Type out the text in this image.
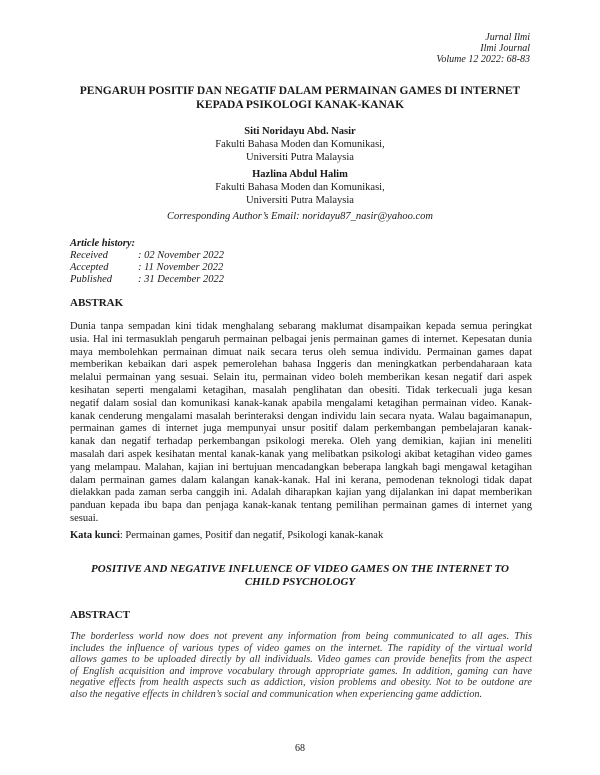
Jurnal Ilmi
Ilmi Journal
Volume 12 2022: 68-83
PENGARUH POSITIF DAN NEGATIF DALAM PERMAINAN GAMES DI INTERNET
KEPADA PSIKOLOGI KANAK-KANAK
Siti Noridayu Abd. Nasir
Fakulti Bahasa Moden dan Komunikasi,
Universiti Putra Malaysia
Hazlina Abdul Halim
Fakulti Bahasa Moden dan Komunikasi,
Universiti Putra Malaysia
Corresponding Author’s Email: noridayu87_nasir@yahoo.com
Article history:
Received	: 02 November 2022
Accepted	: 11 November 2022
Published	: 31 December 2022
ABSTRAK
Dunia tanpa sempadan kini tidak menghalang sebarang maklumat disampaikan kepada semua peringkat
usia. Hal ini termasuklah pengaruh permainan pelbagai jenis permainan games di internet. Kepesatan dunia
maya membolehkan permainan dimuat naik secara terus oleh semua individu. Permainan games dapat
memberikan kebaikan dari aspek pemerolehan bahasa Inggeris dan meningkatkan perbendaharaan kata
melalui permainan yang sesuai. Selain itu, permainan video boleh memberikan kesan negatif dari aspek
kesihatan seperti mengalami ketagihan, masalah penglihatan dan obesiti. Tidak terkecuali juga kesan
negatif dalam sosial dan komunikasi kanak-kanak apabila mengalami ketagihan permainan video. Kanak-
kanak cenderung mengalami masalah berinteraksi dengan individu lain secara nyata. Walau bagaimanapun,
permainan games di internet juga mempunyai unsur positif dalam perkembangan pembelajaran kanak-
kanak dan negatif terhadap perkembangan psikologi mereka. Oleh yang demikian, kajian ini meneliti
masalah dari aspek kesihatan mental kanak-kanak yang melibatkan psikologi akibat ketagihan video games
yang melampau. Malahan, kajian ini bertujuan mencadangkan beberapa langkah bagi mengawal ketagihan
dalam permainan games dalam kalangan kanak-kanak. Hal ini kerana, pemodenan teknologi tidak dapat
dielakkan pada zaman serba canggih ini. Adalah diharapkan kajian yang dijalankan ini dapat memberikan
panduan kepada ibu bapa dan penjaga kanak-kanak tentang pemilihan permainan games di internet yang
sesuai.
Kata kunci: Permainan games, Positif dan negatif, Psikologi kanak-kanak
POSITIVE AND NEGATIVE INFLUENCE OF VIDEO GAMES ON THE INTERNET TO
CHILD PSYCHOLOGY
ABSTRACT
The borderless world now does not prevent any information from being communicated to all ages. This
includes the influence of various types of video games on the internet. The rapidity of the virtual world
allows games to be uploaded directly by all individuals. Video games can provide benefits from the aspect
of English acquisition and improve vocabulary through appropriate games. In addition, gaming can have
negative effects from health aspects such as addiction, vision problems and obesity. Not to be outdone are
also the negative effects in children’s social and communication when experiencing game addiction.
68
